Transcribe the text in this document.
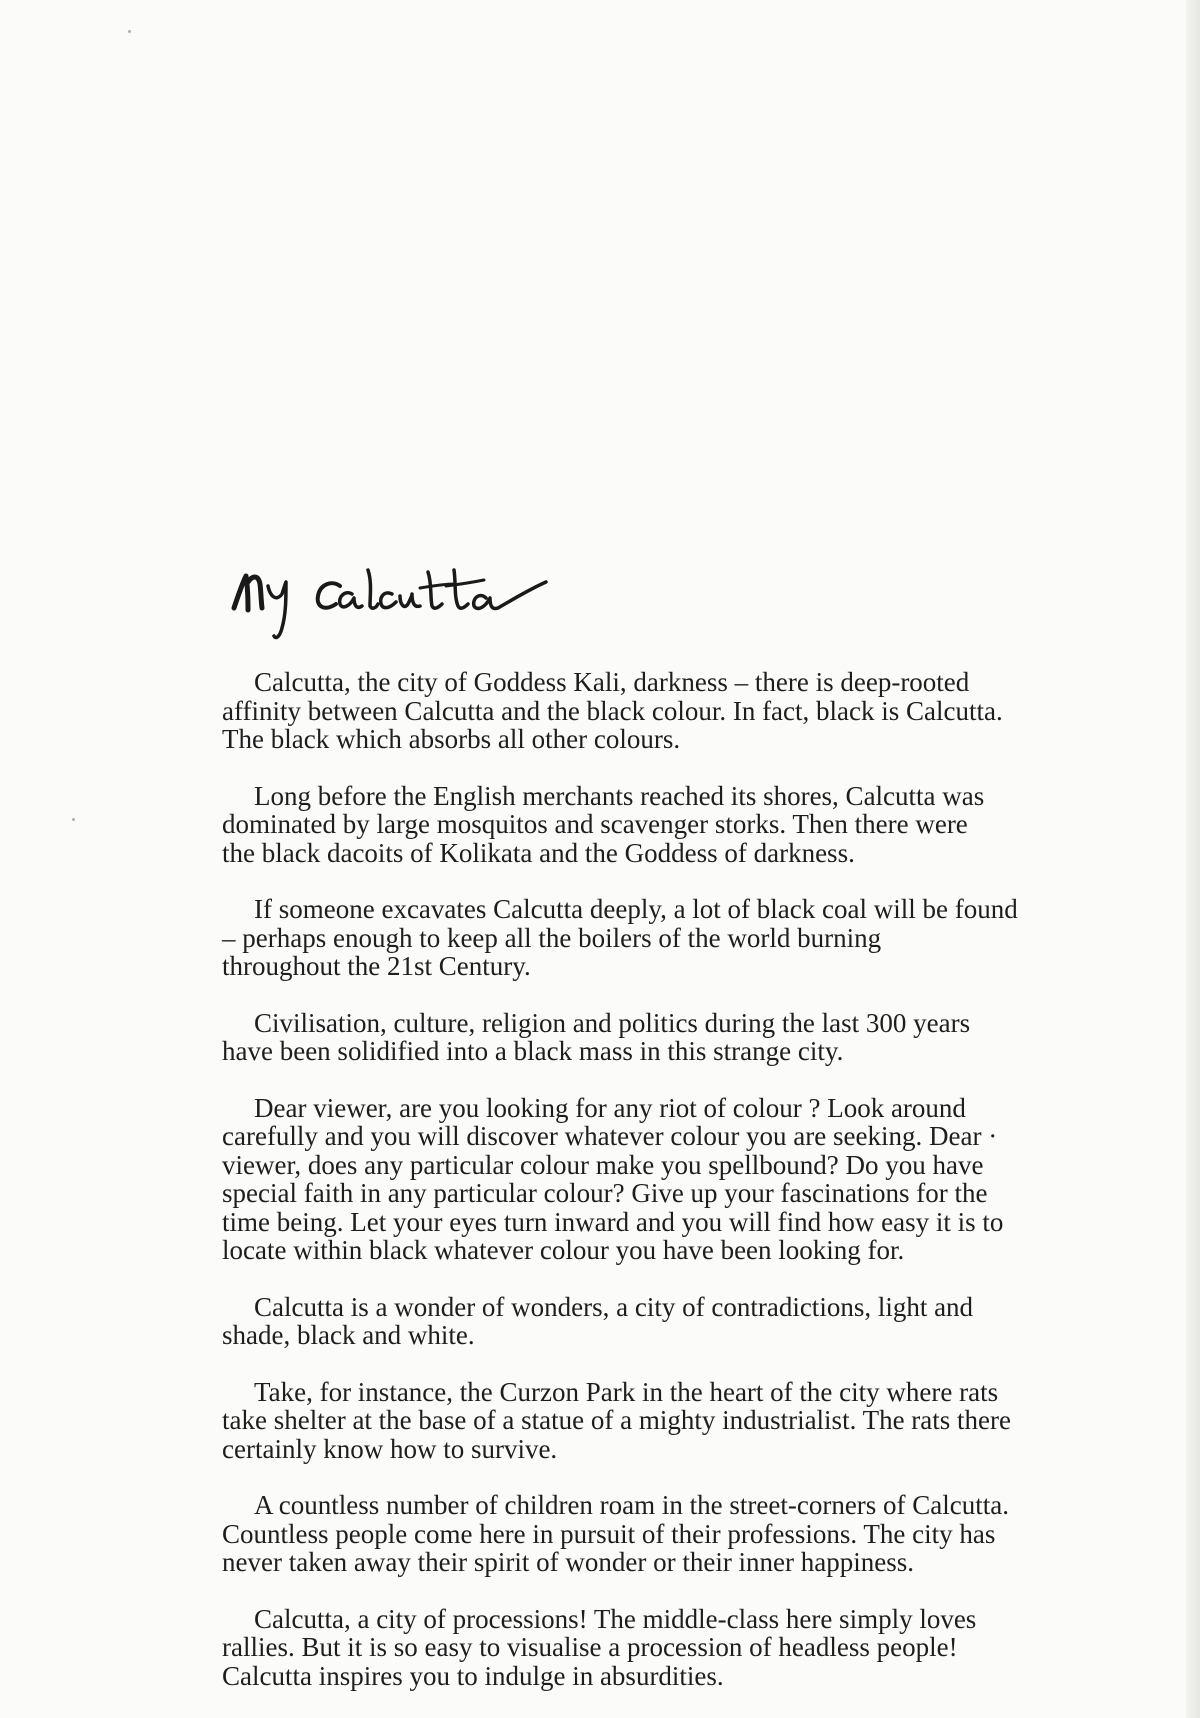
Calcutta, the city of Goddess Kali, darkness – there is deep-rooted
affinity between Calcutta and the black colour. In fact, black is Calcutta.
The black which absorbs all other colours.

Long before the English merchants reached its shores, Calcutta was
dominated by large mosquitos and scavenger storks. Then there were
the black dacoits of Kolikata and the Goddess of darkness.

If someone excavates Calcutta deeply, a lot of black coal will be found
– perhaps enough to keep all the boilers of the world burning
throughout the 21st Century.

Civilisation, culture, religion and politics during the last 300 years
have been solidified into a black mass in this strange city.

Dear viewer, are you looking for any riot of colour ? Look around
carefully and you will discover whatever colour you are seeking. Dear ·
viewer, does any particular colour make you spellbound? Do you have
special faith in any particular colour? Give up your fascinations for the
time being. Let your eyes turn inward and you will find how easy it is to
locate within black whatever colour you have been looking for.

Calcutta is a wonder of wonders, a city of contradictions, light and
shade, black and white.

Take, for instance, the Curzon Park in the heart of the city where rats
take shelter at the base of a statue of a mighty industrialist. The rats there
certainly know how to survive.

A countless number of children roam in the street-corners of Calcutta.
Countless people come here in pursuit of their professions. The city has
never taken away their spirit of wonder or their inner happiness.

Calcutta, a city of processions! The middle-class here simply loves
rallies. But it is so easy to visualise a procession of headless people!
Calcutta inspires you to indulge in absurdities.
